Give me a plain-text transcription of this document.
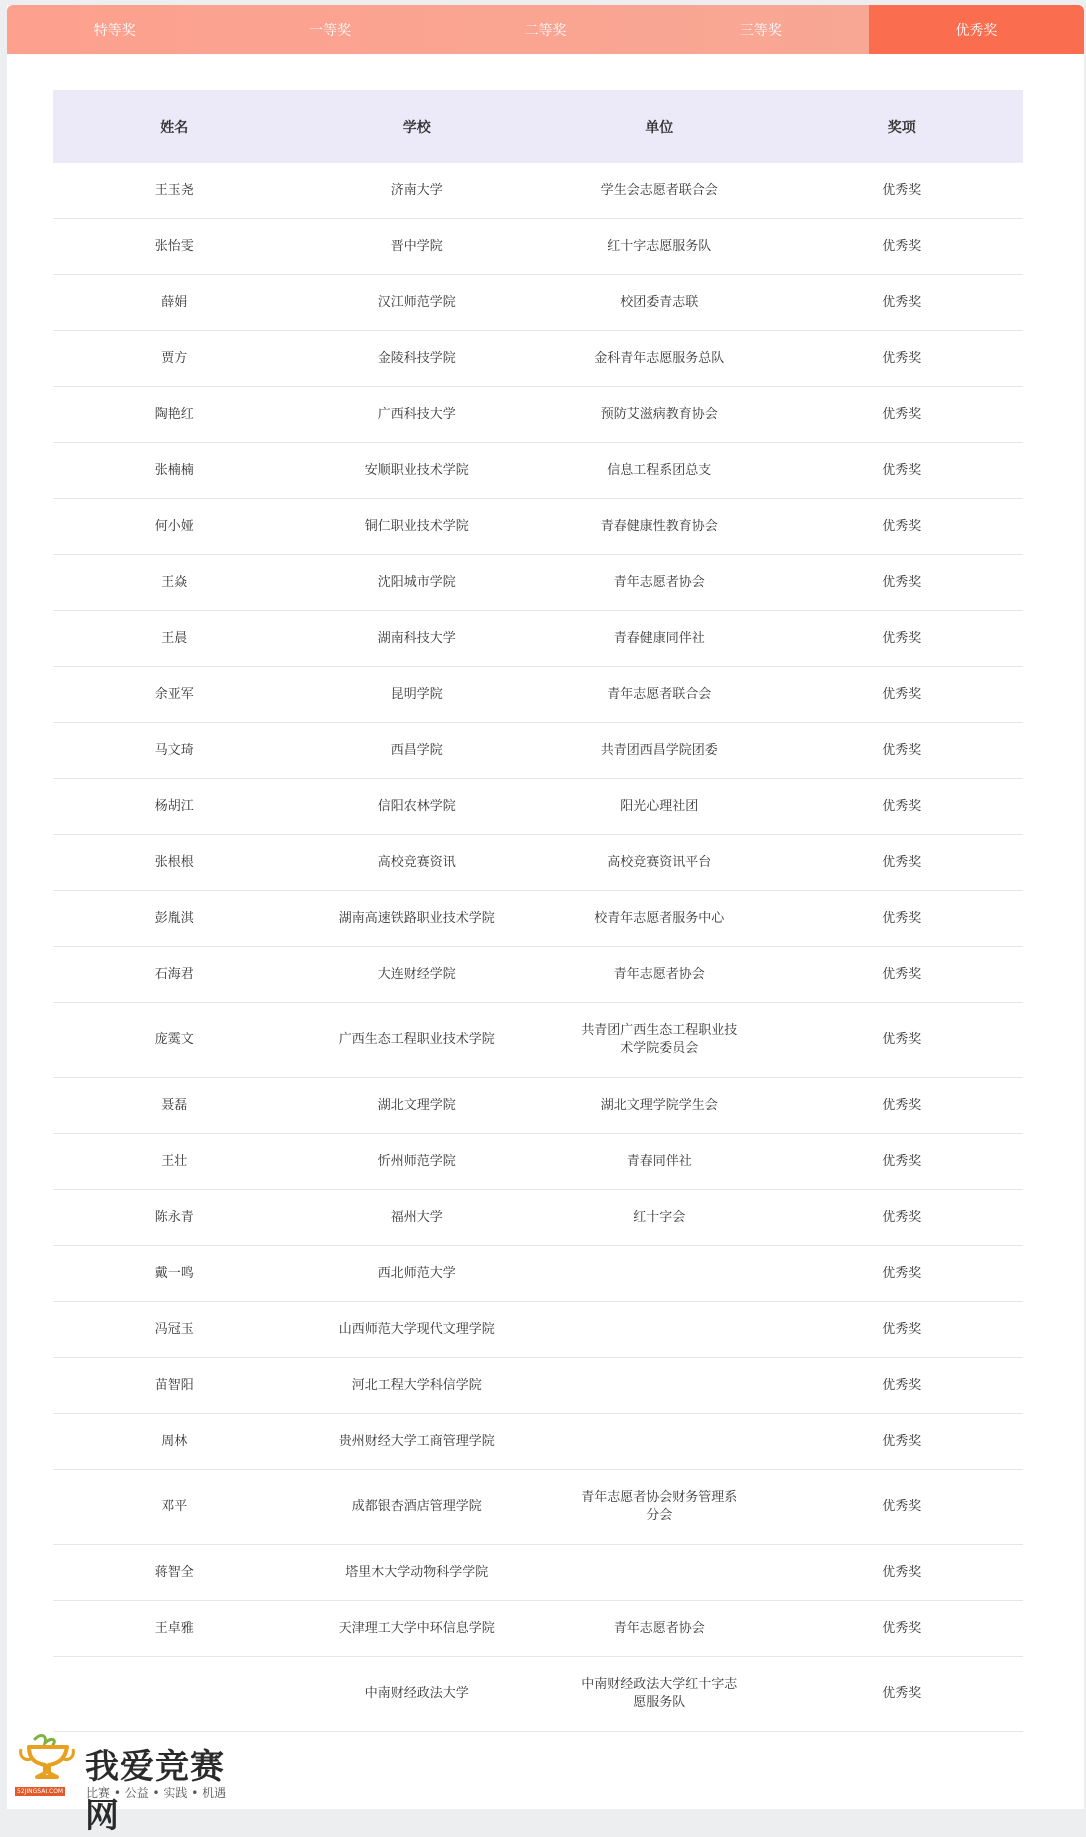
特等奖	一等奖	二等奖	三等奖	优秀奖
姓名	学校	单位	奖项
王玉尧	济南大学	学生会志愿者联合会	优秀奖
张怡雯	晋中学院	红十字志愿服务队	优秀奖
薛娟	汉江师范学院	校团委青志联	优秀奖
贾方	金陵科技学院	金科青年志愿服务总队	优秀奖
陶艳红	广西科技大学	预防艾滋病教育协会	优秀奖
张楠楠	安顺职业技术学院	信息工程系团总支	优秀奖
何小娅	铜仁职业技术学院	青春健康性教育协会	优秀奖
王焱	沈阳城市学院	青年志愿者协会	优秀奖
王晨	湖南科技大学	青春健康同伴社	优秀奖
余亚军	昆明学院	青年志愿者联合会	优秀奖
马文琦	西昌学院	共青团西昌学院团委	优秀奖
杨胡江	信阳农林学院	阳光心理社团	优秀奖
张根根	高校竞赛资讯	高校竞赛资讯平台	优秀奖
彭胤淇	湖南高速铁路职业技术学院	校青年志愿者服务中心	优秀奖
石海君	大连财经学院	青年志愿者协会	优秀奖
庞霙文	广西生态工程职业技术学院	共青团广西生态工程职业技术学院委员会	优秀奖
聂磊	湖北文理学院	湖北文理学院学生会	优秀奖
王壮	忻州师范学院	青春同伴社	优秀奖
陈永青	福州大学	红十字会	优秀奖
戴一鸣	西北师范大学		优秀奖
冯冠玉	山西师范大学现代文理学院		优秀奖
苗智阳	河北工程大学科信学院		优秀奖
周林	贵州财经大学工商管理学院		优秀奖
邓平	成都银杏酒店管理学院	青年志愿者协会财务管理系分会	优秀奖
蒋智全	塔里木大学动物科学学院		优秀奖
王卓雅	天津理工大学中环信息学院	青年志愿者协会	优秀奖
	中南财经政法大学	中南财经政法大学红十字志愿服务队	优秀奖
52JINGSAI.COM
我爱竞赛网
比赛 • 公益 • 实践 • 机遇
